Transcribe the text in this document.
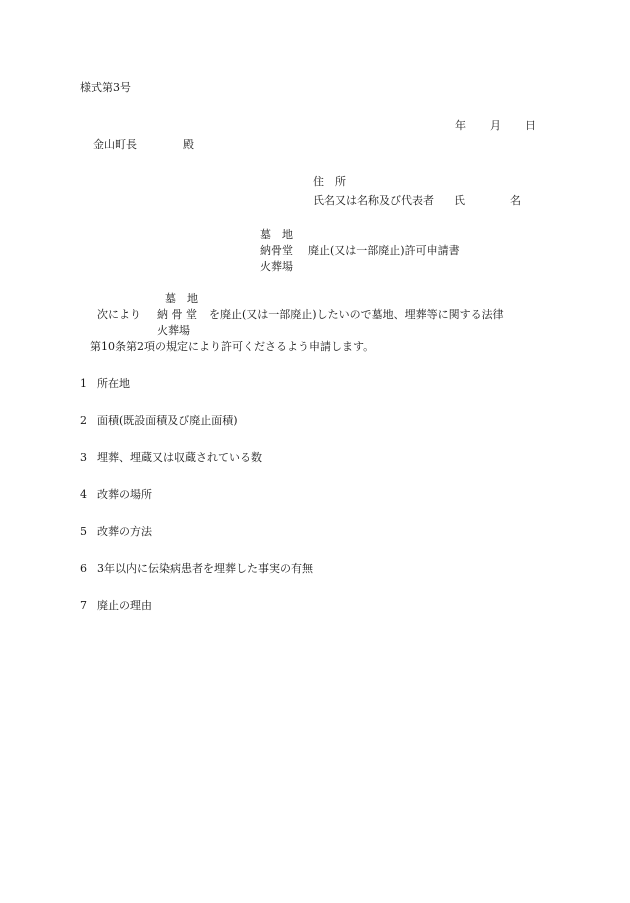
様式第3号
年 月 日
金山町長	殿
住　所
氏名又は名称及び代表者 氏	名
墓　地
納骨堂 廃止(又は一部廃止)許可申請書
火葬場
墓　地
次により 納 骨 堂 を廃止(又は一部廃止)したいので墓地、埋葬等に関する法律
火葬場
第10条第2項の規定により許可くださるよう申請します。
1 所在地
2 面積(既設面積及び廃止面積)
3 埋葬、埋蔵又は収蔵されている数
4 改葬の場所
5 改葬の方法
6 3年以内に伝染病患者を埋葬した事実の有無
7 廃止の理由
